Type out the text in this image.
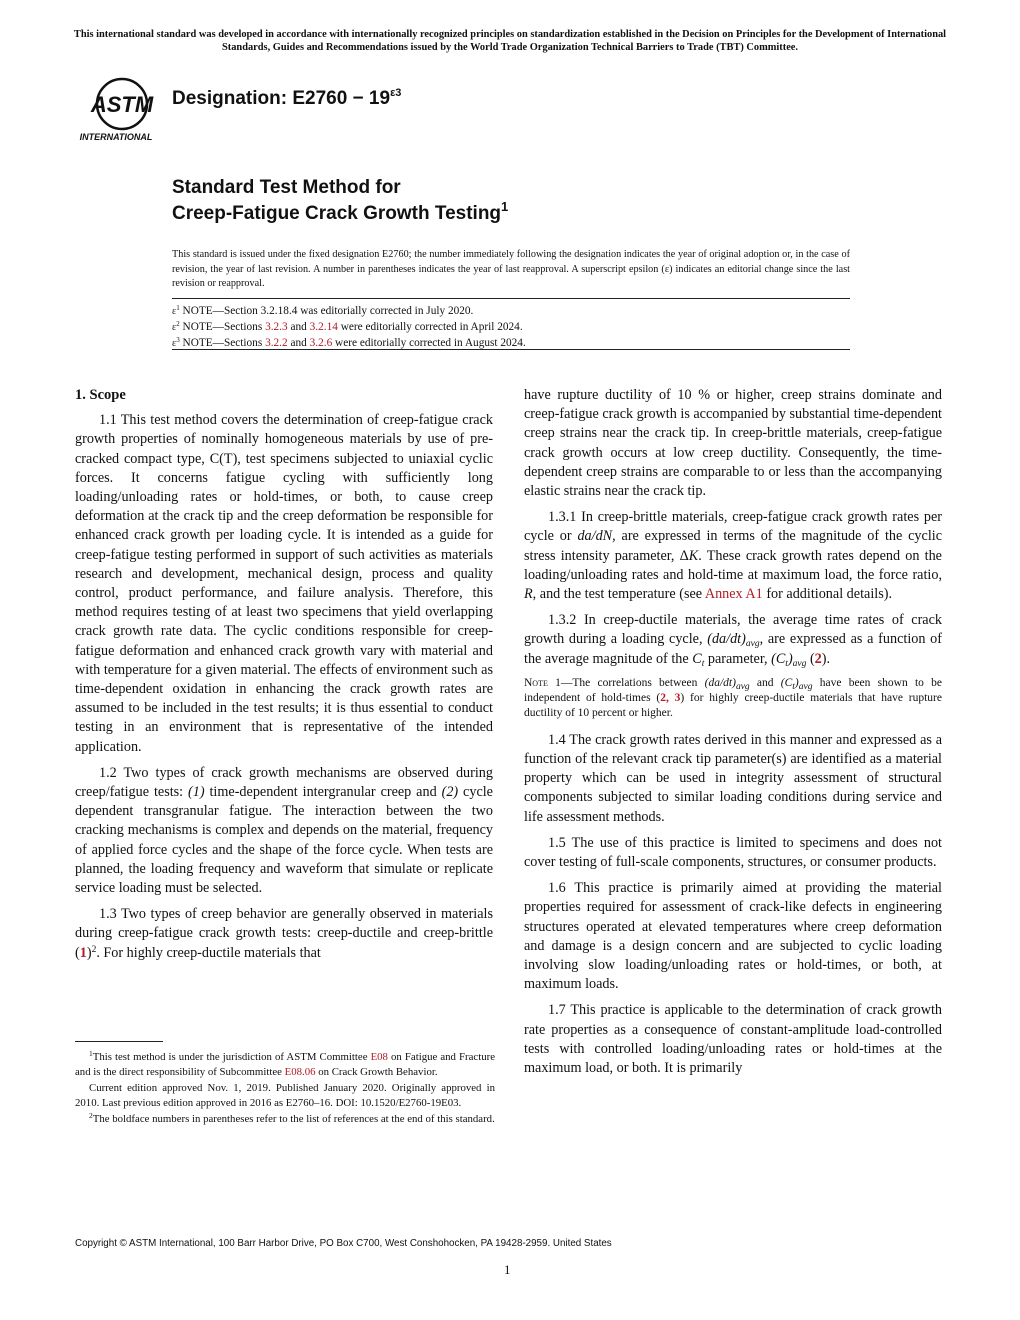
This international standard was developed in accordance with internationally recognized principles on standardization established in the Decision on Principles for the Development of International Standards, Guides and Recommendations issued by the World Trade Organization Technical Barriers to Trade (TBT) Committee.
ASTM
INTERNATIONAL
Designation: $E2760 - 19^{\varepsilon 3}$
Standard Test Method for
Creep-Fatigue Crack Growth Testing$^1$
This standard is issued under the fixed designation E2760; the number immediately following the designation indicates the year of original adoption or, in the case of revision, the year of last revision. A number in parentheses indicates the year of last reapproval. A superscript epsilon (ε) indicates an editorial change since the last revision or reapproval.
$\varepsilon^1$ NOTE—Section 3.2.18.4 was editorially corrected in July 2020.
$\varepsilon^2$ NOTE—Sections 3.2.3 and 3.2.14 were editorially corrected in April 2024.
$\varepsilon^3$ NOTE—Sections 3.2.2 and 3.2.6 were editorially corrected in August 2024.
1. Scope

1.1 This test method covers the determination of creep-fatigue crack growth properties of nominally homogeneous materials by use of pre-cracked compact type, C(T), test specimens subjected to uniaxial cyclic forces. It concerns fatigue cycling with sufficiently long loading/unloading rates or hold-times, or both, to cause creep deformation at the crack tip and the creep deformation be responsible for enhanced crack growth per loading cycle. It is intended as a guide for creep-fatigue testing performed in support of such activities as materials research and development, mechanical design, process and quality control, product performance, and failure analysis. Therefore, this method requires testing of at least two specimens that yield overlapping crack growth rate data. The cyclic conditions responsible for creep-fatigue deformation and enhanced crack growth vary with material and with temperature for a given material. The effects of environment such as time-dependent oxidation in enhancing the crack growth rates are assumed to be included in the test results; it is thus essential to conduct testing in an environment that is representative of the intended application.

1.2 Two types of crack growth mechanisms are observed during creep/fatigue tests: (1) time-dependent intergranular creep and (2) cycle dependent transgranular fatigue. The interaction between the two cracking mechanisms is complex and depends on the material, frequency of applied force cycles and the shape of the force cycle. When tests are planned, the loading frequency and waveform that simulate or replicate service loading must be selected.

1.3 Two types of creep behavior are generally observed in materials during creep-fatigue crack growth tests: creep-ductile and creep-brittle $(1)^2$. For highly creep-ductile materials that

$^1$This test method is under the jurisdiction of ASTM Committee E08 on Fatigue and Fracture and is the direct responsibility of Subcommittee E08.06 on Crack Growth Behavior.

Current edition approved Nov. 1, 2019. Published January 2020. Originally approved in 2010. Last previous edition approved in 2016 as E2760–16. DOI: 10.1520/E2760-19E03.

$^2$The boldface numbers in parentheses refer to the list of references at the end of this standard.

have rupture ductility of 10 % or higher, creep strains dominate and creep-fatigue crack growth is accompanied by substantial time-dependent creep strains near the crack tip. In creep-brittle materials, creep-fatigue crack growth occurs at low creep ductility. Consequently, the time-dependent creep strains are comparable to or less than the accompanying elastic strains near the crack tip.

1.3.1 In creep-brittle materials, creep-fatigue crack growth rates per cycle or da/dN, are expressed in terms of the magnitude of the cyclic stress intensity parameter, ΔK. These crack growth rates depend on the loading/unloading rates and hold-time at maximum load, the force ratio, R, and the test temperature (see Annex A1 for additional details).

1.3.2 In creep-ductile materials, the average time rates of crack growth during a loading cycle, $(da/dt)_{avg}$, are expressed as a function of the average magnitude of the $C_t$ parameter, $(C_t)_{avg}$ (2).

Note 1—The correlations between $(da/dt)_{avg}$ and $(C_t)_{avg}$ have been shown to be independent of hold-times (2, 3) for highly creep-ductile materials that have rupture ductility of 10 percent or higher.

1.4 The crack growth rates derived in this manner and expressed as a function of the relevant crack tip parameter(s) are identified as a material property which can be used in integrity assessment of structural components subjected to similar loading conditions during service and life assessment methods.

1.5 The use of this practice is limited to specimens and does not cover testing of full-scale components, structures, or consumer products.

1.6 This practice is primarily aimed at providing the material properties required for assessment of crack-like defects in engineering structures operated at elevated temperatures where creep deformation and damage is a design concern and are subjected to cyclic loading involving slow loading/unloading rates or hold-times, or both, at maximum loads.

1.7 This practice is applicable to the determination of crack growth rate properties as a consequence of constant-amplitude load-controlled tests with controlled loading/unloading rates or hold-times at the maximum load, or both. It is primarily

Copyright © ASTM International, 100 Barr Harbor Drive, PO Box C700, West Conshohocken, PA 19428-2959. United States
1
